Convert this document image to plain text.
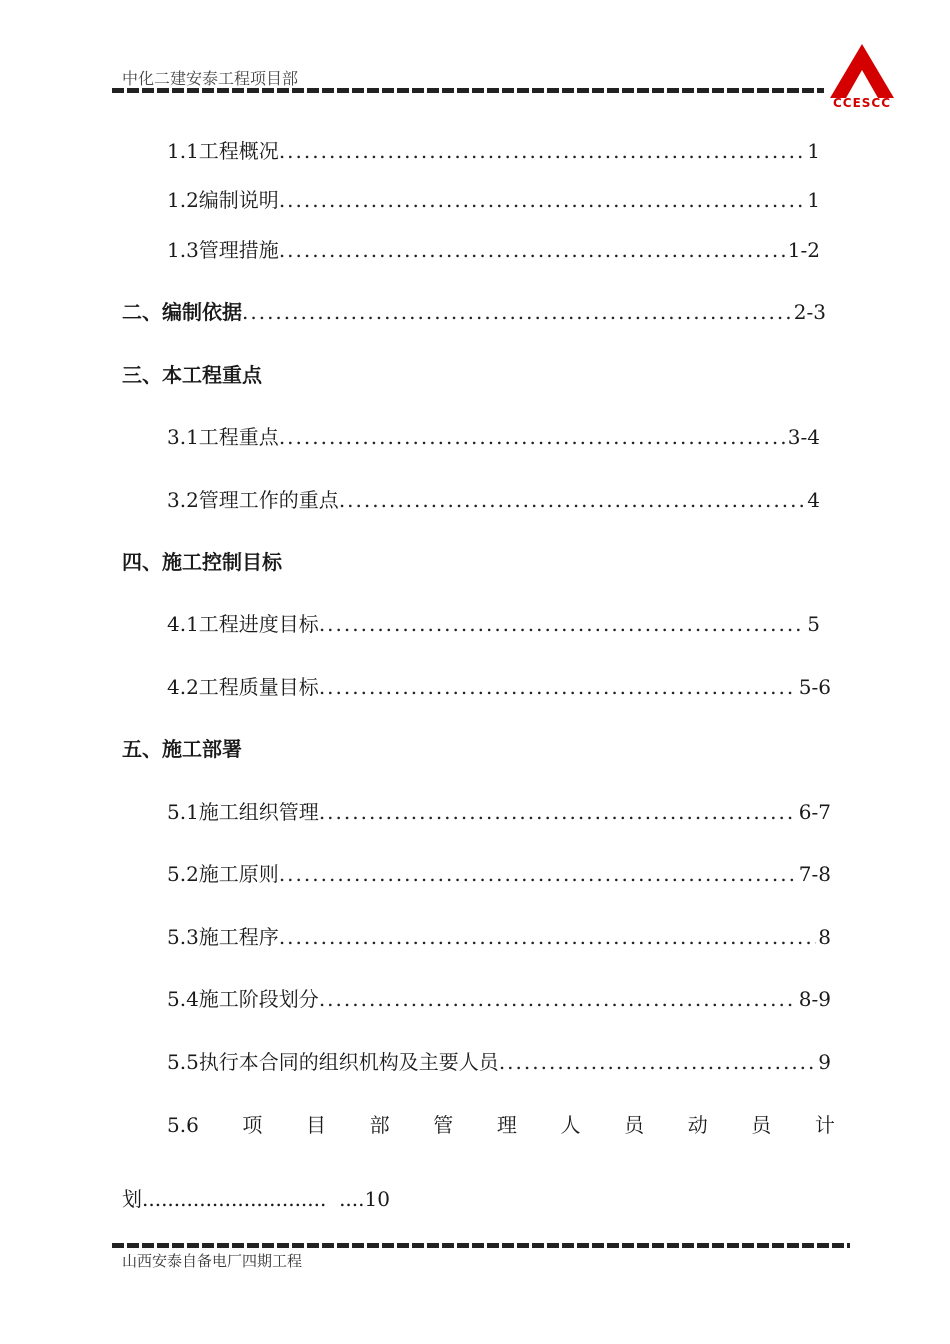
中化二建安泰工程项目部
CCESCC
1.1工程概况 .....	1
1.2编制说明 .....	1
1.3管理措施 .....	1-2
二、编制依据 .....	2-3
三、本工程重点
3.1工程重点 .....	3-4
3.2管理工作的重点 .....	4
四、施工控制目标
4.1工程进度目标 .....	5
4.2工程质量目标 .....	5-6
五、施工部署
5.1施工组织管理 .....	6-7
5.2施工原则 .....	7-8
5.3施工程序 .....	8
5.4施工阶段划分 .....	8-9
5.5执行本合同的组织机构及主要人员 .....	9
5.6 项 目 部 管 理 人 员 动 员 计
划.............................  ....10
山西安泰自备电厂四期工程
